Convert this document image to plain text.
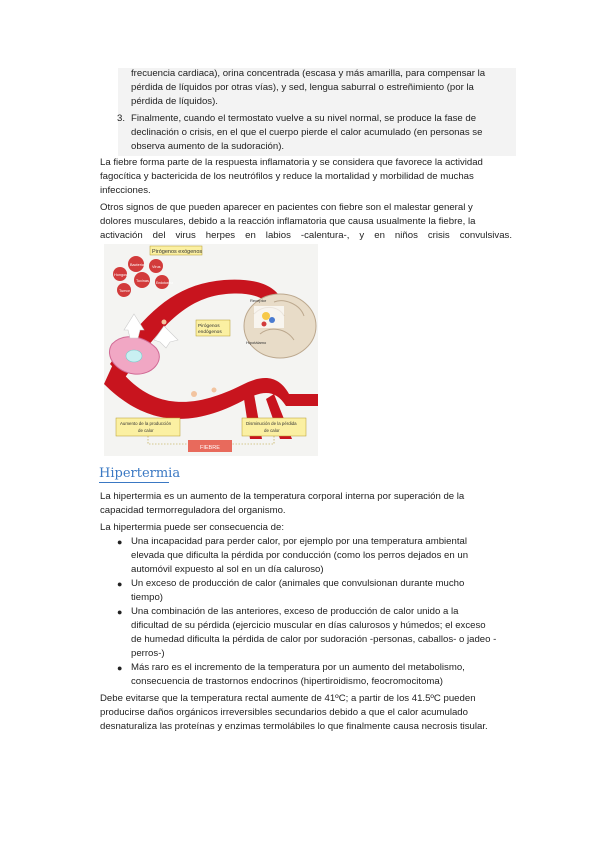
frecuencia cardiaca), orina concentrada (escasa y más amarilla, para compensar la
pérdida de líquidos por otras vías), y sed, lengua saburral o estreñimiento (por la
pérdida de líquidos).
3. Finalmente, cuando el termostato vuelve a su nivel normal, se produce la fase de
declinación o crisis, en el que el cuerpo pierde el calor acumulado (en personas se
observa aumento de la sudoración).
La fiebre forma parte de la respuesta inflamatoria y se considera que favorece la actividad
fagocítica y bactericida de los neutrófilos y reduce la mortalidad y morbilidad de muchas
infecciones.
Otros signos de que pueden aparecer en pacientes con fiebre son el malestar general y
dolores musculares, debido a la reacción inflamatoria que causa usualmente la fiebre, la
activación del virus herpes en labios -calentura-, y en niños crisis convulsivas.
Pirógenos exógenos
Bacteria Virus
Hongos
Toxinas Endotoxina
Tumor
Pirógenos
endógenos
Receptor
Hipotálamo
Aumento de la producción
de calor
Disminución de la pérdida
de calor
FIEBRE
Hipertermia
La hipertermia es un aumento de la temperatura corporal interna por superación de la
capacidad termorreguladora del organismo.
La hipertermia puede ser consecuencia de:
● Una incapacidad para perder calor, por ejemplo por una temperatura ambiental
elevada que dificulta la pérdida por conducción (como los perros dejados en un
automóvil expuesto al sol en un día caluroso)
● Un exceso de producción de calor (animales que convulsionan durante mucho
tiempo)
● Una combinación de las anteriores, exceso de producción de calor unido a la
dificultad de su pérdida (ejercicio muscular en días calurosos y húmedos; el exceso
de humedad dificulta la pérdida de calor por sudoración -personas, caballos- o jadeo -
perros-)
● Más raro es el incremento de la temperatura por un aumento del metabolismo,
consecuencia de trastornos endocrinos (hipertiroidismo, feocromocitoma)
Debe evitarse que la temperatura rectal aumente de 41ºC; a partir de los 41.5ºC pueden
producirse daños orgánicos irreversibles secundarios debido a que el calor acumulado
desnaturaliza las proteínas y enzimas termolábiles lo que finalmente causa necrosis tisular.
